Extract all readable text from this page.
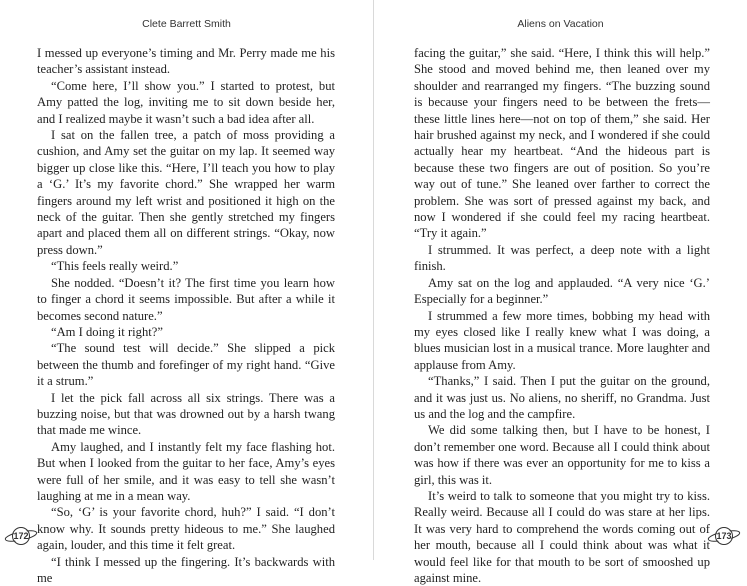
Clete Barrett Smith

I messed up everyone’s timing and Mr. Perry made me his teacher’s assistant instead.

“Come here, I’ll show you.” I started to protest, but Amy patted the log, inviting me to sit down beside her, and I realized maybe it wasn’t such a bad idea after all.

I sat on the fallen tree, a patch of moss providing a cushion, and Amy set the guitar on my lap. It seemed way bigger up close like this. “Here, I’ll teach you how to play a ‘G.’ It’s my favorite chord.” She wrapped her warm fingers around my left wrist and positioned it high on the neck of the guitar. Then she gently stretched my fingers apart and placed them all on different strings. “Okay, now press down.”

“This feels really weird.”

She nodded. “Doesn’t it? The first time you learn how to finger a chord it seems impossible. But after a while it becomes second nature.”

“Am I doing it right?”

“The sound test will decide.” She slipped a pick between the thumb and forefinger of my right hand. “Give it a strum.”

I let the pick fall across all six strings. There was a buzzing noise, but that was drowned out by a harsh twang that made me wince.

Amy laughed, and I instantly felt my face flashing hot. But when I looked from the guitar to her face, Amy’s eyes were full of her smile, and it was easy to tell she wasn’t laughing at me in a mean way.

“So, ‘G’ is your favorite chord, huh?” I said. “I don’t know why. It sounds pretty hideous to me.” She laughed again, louder, and this time it felt great.

“I think I messed up the fingering. It’s backwards with me

172
Aliens on Vacation

facing the guitar,” she said. “Here, I think this will help.” She stood and moved behind me, then leaned over my shoulder and rearranged my fingers. “The buzzing sound is because your fingers need to be between the frets—these little lines here—not on top of them,” she said. Her hair brushed against my neck, and I wondered if she could actually hear my heartbeat. “And the hideous part is because these two fingers are out of position. So you’re way out of tune.” She leaned over farther to correct the problem. She was sort of pressed against my back, and now I wondered if she could feel my racing heartbeat. “Try it again.”

I strummed. It was perfect, a deep note with a light finish.

Amy sat on the log and applauded. “A very nice ‘G.’ Especially for a beginner.”

I strummed a few more times, bobbing my head with my eyes closed like I really knew what I was doing, a blues musician lost in a musical trance. More laughter and applause from Amy.

“Thanks,” I said. Then I put the guitar on the ground, and it was just us. No aliens, no sheriff, no Grandma. Just us and the log and the campfire.

We did some talking then, but I have to be honest, I don’t remember one word. Because all I could think about was how if there was ever an opportunity for me to kiss a girl, this was it.

It’s weird to talk to someone that you might try to kiss. Really weird. Because all I could do was stare at her lips. It was very hard to comprehend the words coming out of her mouth, because all I could think about was what it would feel like for that mouth to be sort of smooshed up against mine.

173
